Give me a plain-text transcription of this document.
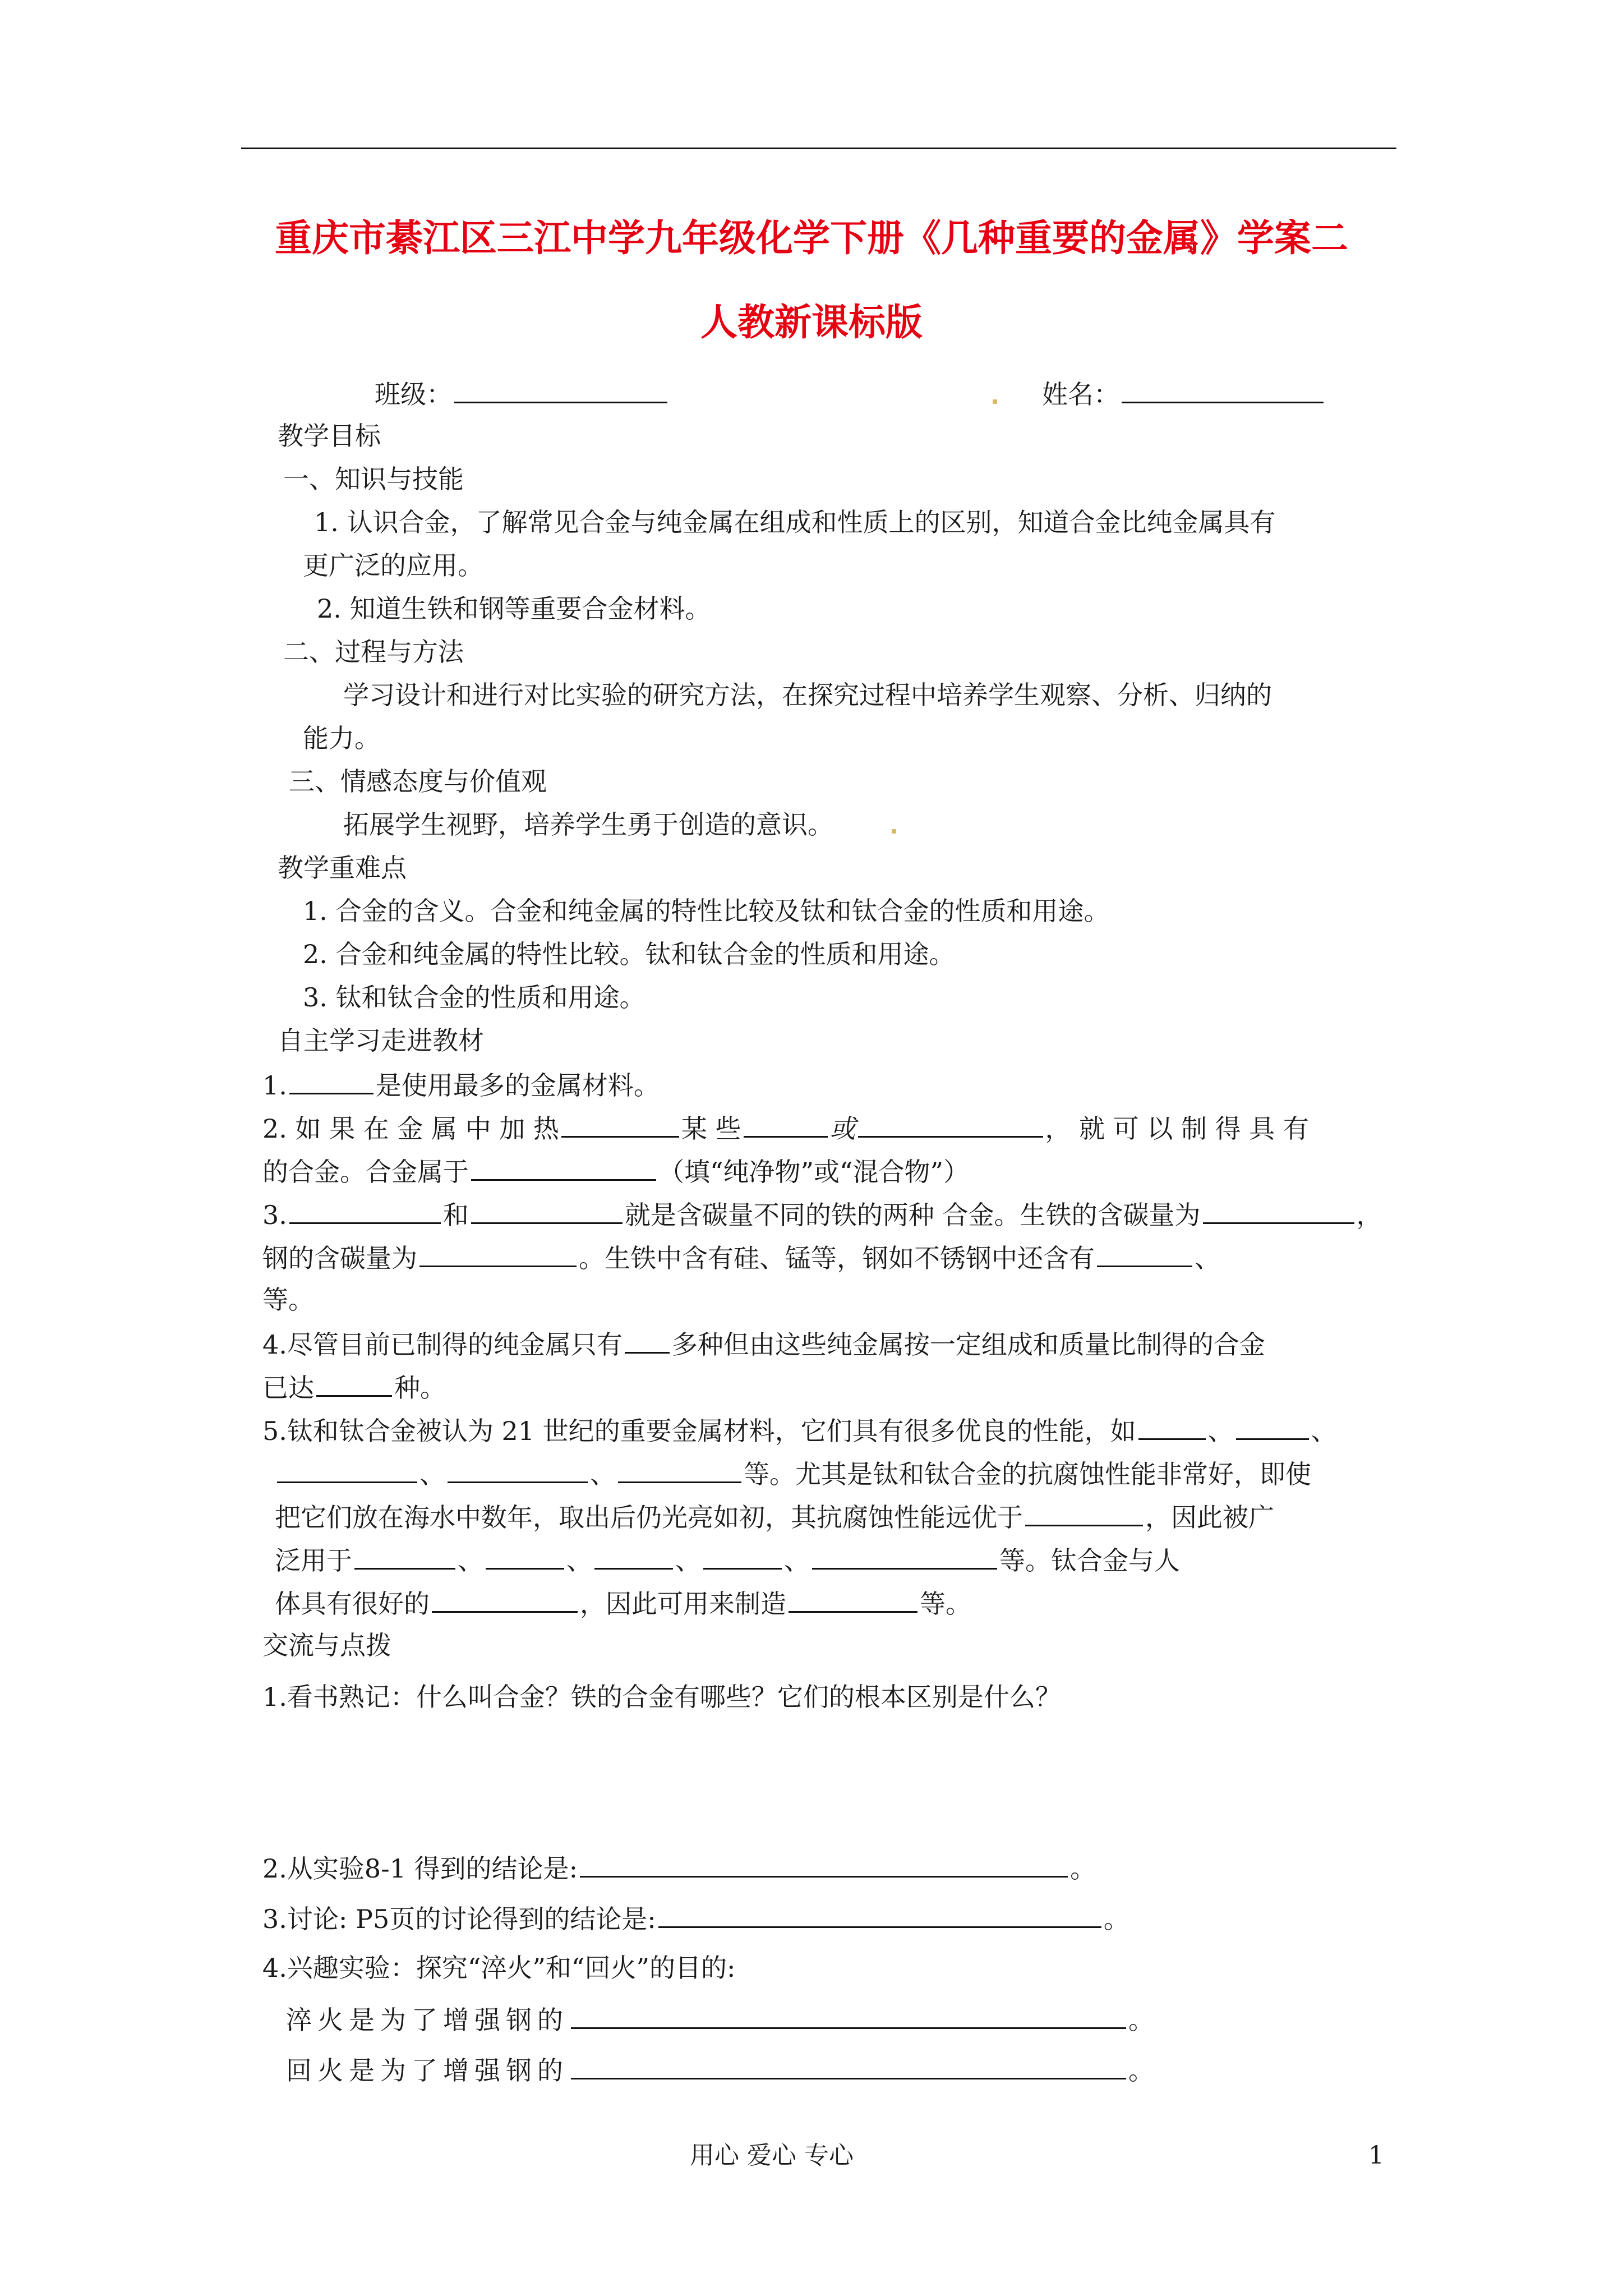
重庆市綦江区三江中学九年级化学下册《几种重要的金属》学案二
人教新课标版
班级：	姓名：
教学目标
一、知识与技能
1. 认识合金，了解常见合金与纯金属在组成和性质上的区别，知道合金比纯金属具有
更广泛的应用。
2. 知道生铁和钢等重要合金材料。
二、过程与方法
学习设计和进行对比实验的研究方法，在探究过程中培养学生观察、分析、归纳的
能力。
三、情感态度与价值观
拓展学生视野，培养学生勇于创造的意识。
教学重难点
1. 合金的含义。合金和纯金属的特性比较及钛和钛合金的性质和用途。
2. 合金和纯金属的特性比较。钛和钛合金的性质和用途。
3. 钛和钛合金的性质和用途。
自主学习走进教材
1.	是使用最多的金属材料。
2. 如 果 在 金 属 中 加 热	某 些	或	， 就 可 以 制 得 具 有
的合金。合金属于	（填“纯净物”或“混合物”）
3.	和	就是含碳量不同的铁的两种 合金。生铁的含碳量为	，
钢的含碳量为	。生铁中含有硅、锰等，钢如不锈钢中还含有	、
等。
4.尽管目前已制得的纯金属只有 多种但由这些纯金属按一定组成和质量比制得的合金
已达	种。
5.钛和钛合金被认为 21 世纪的重要金属材料，它们具有很多优良的性能，如	、	、
、	、	等。尤其是钛和钛合金的抗腐蚀性能非常好，即使
把它们放在海水中数年，取出后仍光亮如初，其抗腐蚀性能远优于	，因此被广
泛用于	、	、	、	、	等。钛合金与人
体具有很好的	，因此可用来制造	等。
交流与点拨
1.看书熟记：什么叫合金？铁的合金有哪些？它们的根本区别是什么？
2.从实验8-1 得到的结论是:	。
3.讨论: P5页的讨论得到的结论是:	。
4.兴趣实验：探究“淬火”和“回火”的目的:
淬火是为了增强钢的	。
回火是为了增强钢的	。
用心 爱心 专心	1
